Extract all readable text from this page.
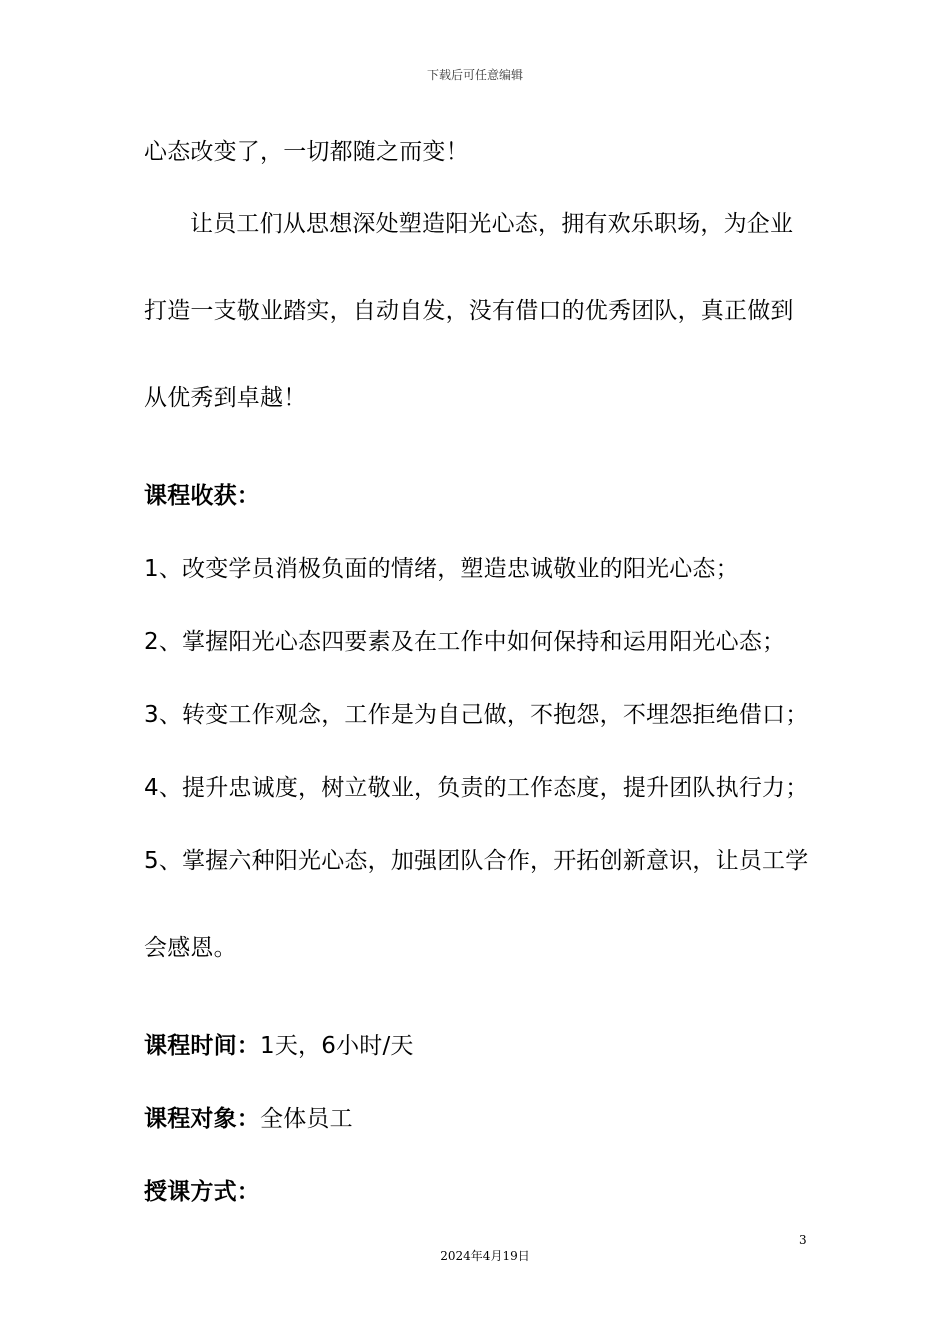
下载后可任意编辑
心态改变了，一切都随之而变！
让员工们从思想深处塑造阳光心态，拥有欢乐职场，为企业
打造一支敬业踏实，自动自发，没有借口的优秀团队，真正做到
从优秀到卓越！
课程收获：
1、改变学员消极负面的情绪，塑造忠诚敬业的阳光心态；
2、掌握阳光心态四要素及在工作中如何保持和运用阳光心态；
3、转变工作观念，工作是为自己做，不抱怨，不埋怨拒绝借口；
4、提升忠诚度，树立敬业，负责的工作态度，提升团队执行力；
5、掌握六种阳光心态，加强团队合作，开拓创新意识，让员工学
会感恩。
课程时间：1天，6小时/天
课程对象：全体员工
授课方式：
3
2024年4月19日
